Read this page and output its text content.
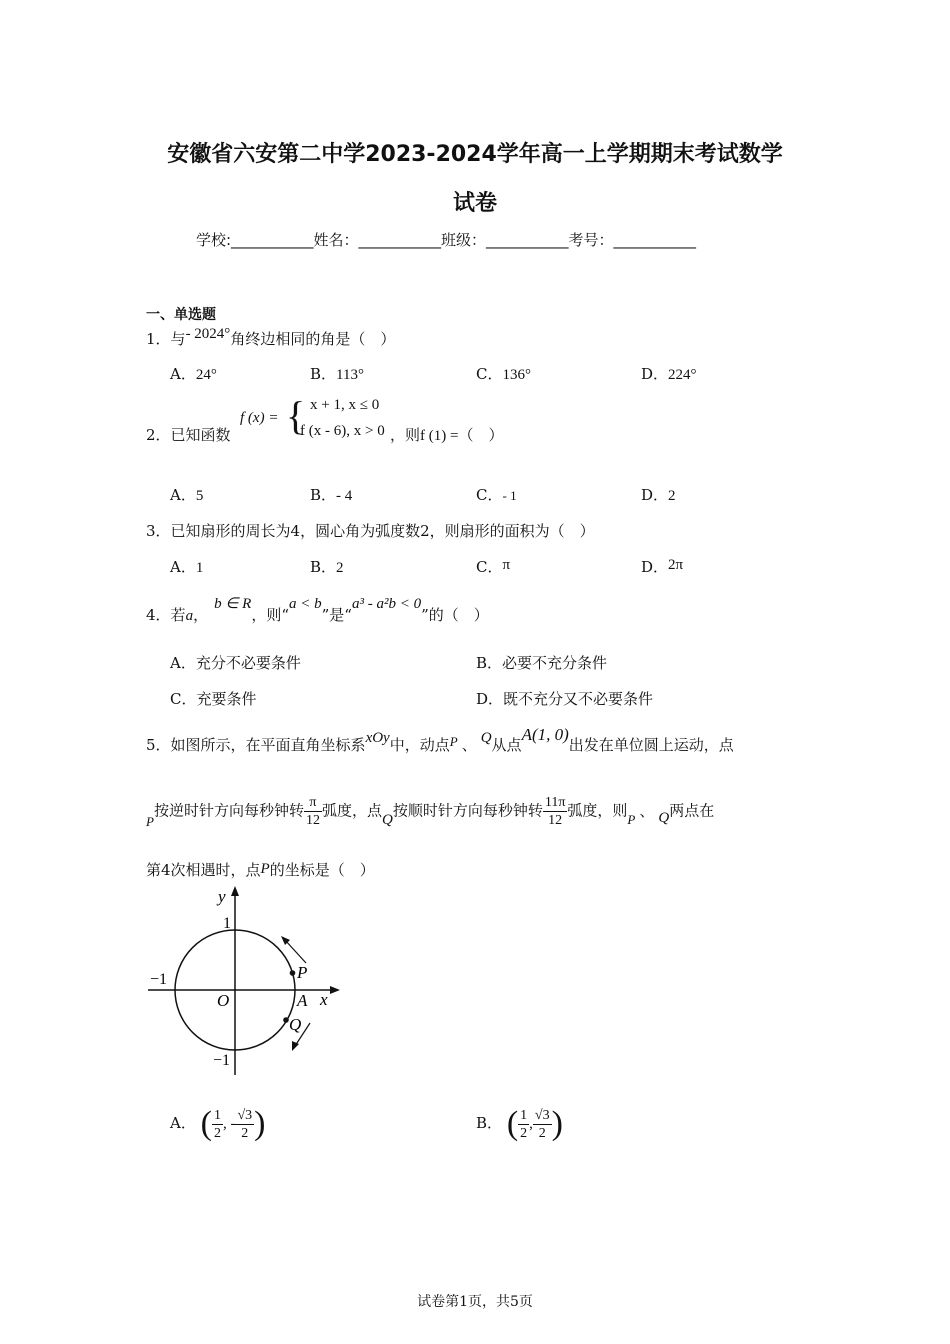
安徽省六安第二中学2023-2024学年高一上学期期末考试数学
试卷
学校:___________姓名：___________班级：___________考号：___________
一、单选题
1．与- 2024°角终边相同的角是（　）
A．24°	B．113°	C．136°	D．224°
2．已知函数
f (x) = { x + 1, x ≤ 0
f (x - 6), x > 0 ，则f (1) =（　）
A．5	B．- 4	C．- 1	D．2
3．已知扇形的周长为4，圆心角为弧度数2，则扇形的面积为（　）
A．1	B．2	C．π	D．2π
4．若a，b ∈ R，则“a < b”是“a³ - a²b < 0”的（　）
A．充分不必要条件	B．必要不充分条件
C．充要条件	D．既不充分又不必要条件
5．如图所示，在平面直角坐标系xOy中，动点P 、 Q从点A(1, 0)出发在单位圆上运动，点
P按逆时针方向每秒钟转 $\frac{\pi}{12}$ 弧度，点Q按顺时针方向每秒钟转 $\frac{11\pi}{12}$ 弧度，则P 、 Q两点在
第4次相遇时，点P的坐标是（　）
y
x
1
−1
−1
O	A
P
Q
A． ( $\frac{1}{2}$ , - $\frac{√3}{2}$ )	B． ( $\frac{1}{2}$ , $\frac{√3}{2}$ )
试卷第1页，共5页
